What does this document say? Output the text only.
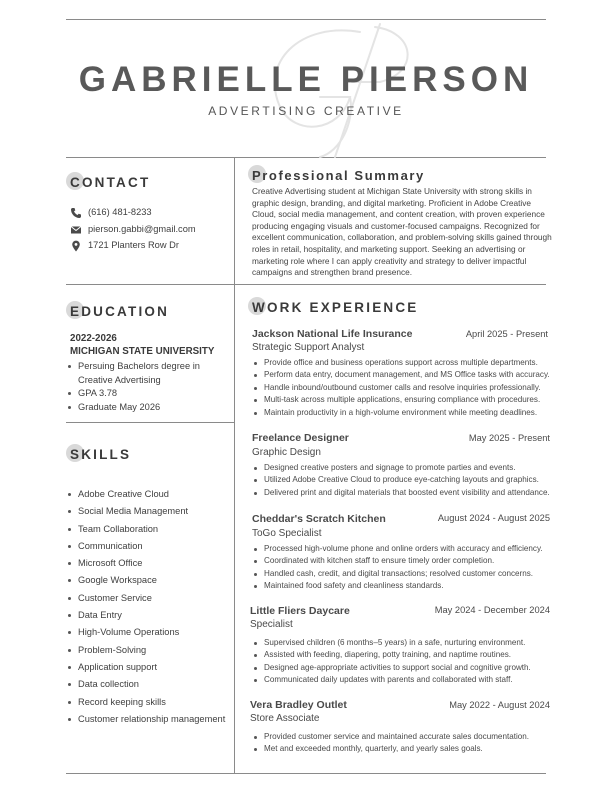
GABRIELLE PIERSON
ADVERTISING CREATIVE
CONTACT
(616) 481-8233
pierson.gabbi@gmail.com
1721 Planters Row Dr
EDUCATION
2022-2026
MICHIGAN STATE UNIVERSITY
Persuing Bachelors degree in
Creative Advertising
GPA 3.78
Graduate May 2026
SKILLS
Adobe Creative Cloud
Social Media Management
Team Collaboration
Communication
Microsoft Office
Google Workspace
Customer Service
Data Entry
High-Volume Operations
Problem-Solving
Application support
Data collection
Record keeping skills
Customer relationship management
Professional Summary
Creative Advertising student at Michigan State University with strong skills in graphic design, branding, and digital marketing. Proficient in Adobe Creative Cloud, social media management, and content creation, with proven experience producing engaging visuals and customer-focused campaigns. Recognized for excellent communication, collaboration, and problem-solving skills gained through roles in retail, hospitality, and marketing support. Seeking an advertising or marketing role where I can apply creativity and strategy to deliver impactful campaigns and strengthen brand presence.
WORK EXPERIENCE
Jackson National Life Insurance	April 2025 - Present
Strategic Support Analyst
Provide office and business operations support across multiple departments.
Perform data entry, document management, and MS Office tasks with accuracy.
Handle inbound/outbound customer calls and resolve inquiries professionally.
Multi-task across multiple applications, ensuring compliance with procedures.
Maintain productivity in a high-volume environment while meeting deadlines.
Freelance Designer	May 2025 - Present
Graphic Design
Designed creative posters and signage to promote parties and events.
Utilized Adobe Creative Cloud to produce eye-catching layouts and graphics.
Delivered print and digital materials that boosted event visibility and attendance.
Cheddar's Scratch Kitchen	August 2024 - August 2025
ToGo Specialist
Processed high-volume phone and online orders with accuracy and efficiency.
Coordinated with kitchen staff to ensure timely order completion.
Handled cash, credit, and digital transactions; resolved customer concerns.
Maintained food safety and cleanliness standards.
Little Fliers Daycare	May 2024 - December 2024
Specialist
Supervised children (6 months–5 years) in a safe, nurturing environment.
Assisted with feeding, diapering, potty training, and naptime routines.
Designed age-appropriate activities to support social and cognitive growth.
Communicated daily updates with parents and collaborated with staff.
Vera Bradley Outlet	May 2022 - August 2024
Store Associate
Provided customer service and maintained accurate sales documentation.
Met and exceeded monthly, quarterly, and yearly sales goals.
